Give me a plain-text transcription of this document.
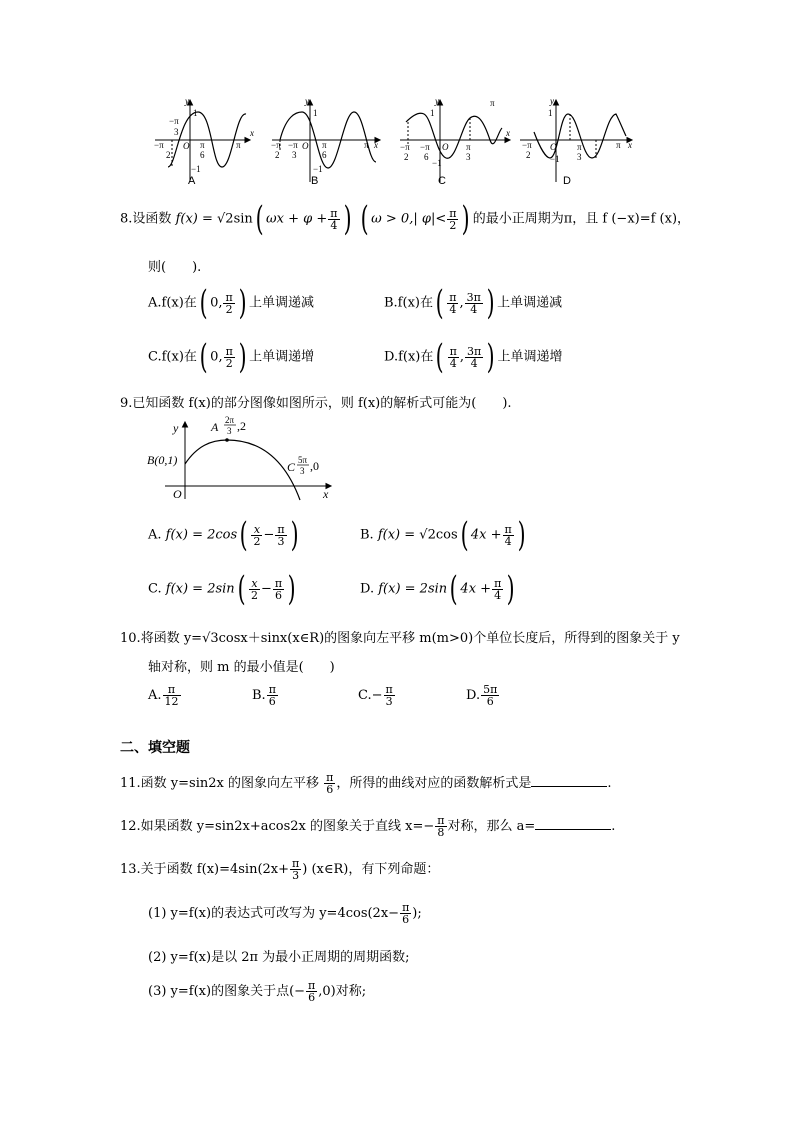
y
x
1
−1
O	π
−π
3
−π
2
π
6
y
x
1
−1
O	π
−π
2
−π
3
π
6
y
x
1
−1
O
π
−π
2
−π
6
π
3
y
x
1
−1
O	π
−π
2
π
3
A	B	C	D
8.设函数 f(x) = √2sin( $\omega x + \varphi + \frac{\pi}{4}$ ) ( ω > 0,| $\varphi|< \frac{\pi}{2}$ ) 的最小正周期为π，且 f (−x)=f (x)，
则(　　).
A.f(x)在( 0, $\frac{\pi}{2}$ ) 上单调递减	B.f(x)在( $\frac{\pi}{4}$ , $\frac{3\pi}{4}$ ) 上单调递减
C.f(x)在( 0, $\frac{\pi}{2}$ ) 上单调递增	D.f(x)在( $\frac{\pi}{4}$ , $\frac{3\pi}{4}$ ) 上单调递增
9.已知函数 f(x)的部分图像如图所示，则 f(x)的解析式可能为(　　).
y
x
O
B(0,1)
A
C
2π
3 ,2
5π
3 ,0
A. $f(x) = 2\cos( \frac{x}{2} - \frac{\pi}{3}$ )	B. f(x) = √2cos( $4x + \frac{\pi}{4}$ )
C. $f(x) = 2\sin( \frac{x}{2} - \frac{\pi}{6}$ )	D. f(x) = 2sin( $4x + \frac{\pi}{4}$ )
10.将函数 y=√3cosx＋sinx(x∈R)的图象向左平移 m(m>0)个单位长度后，所得到的图象关于 y
轴对称，则 m 的最小值是(　　)
A. $\frac{\pi}{12}$	B. $\frac{\pi}{6}$	$C.- \frac{\pi}{3}$	D. $\frac{5\pi}{6}$
二、填空题
11.函数 y=sin2x 的图象向左平移 $\frac{\pi}{6}$ ，所得的曲线对应的函数解析式是	.
12.如果函数 y=sin2x+acos2x 的图象关于直线 $x=- \frac{\pi}{8}$ 对称，那么 a=	.
13.关于函数 $f(x)=4\sin(2x+ \frac{\pi}{3}$ ) (x∈R)，有下列命题：
(1) y=f(x)的表达式可改写为 $y=4\cos(2x- \frac{\pi}{6}$ );
(2) y=f(x)是以 2π 为最小正周期的周期函数;
(3) y=f(x)的图象关于点(− $\frac{\pi}{6} ,0$)对称;
